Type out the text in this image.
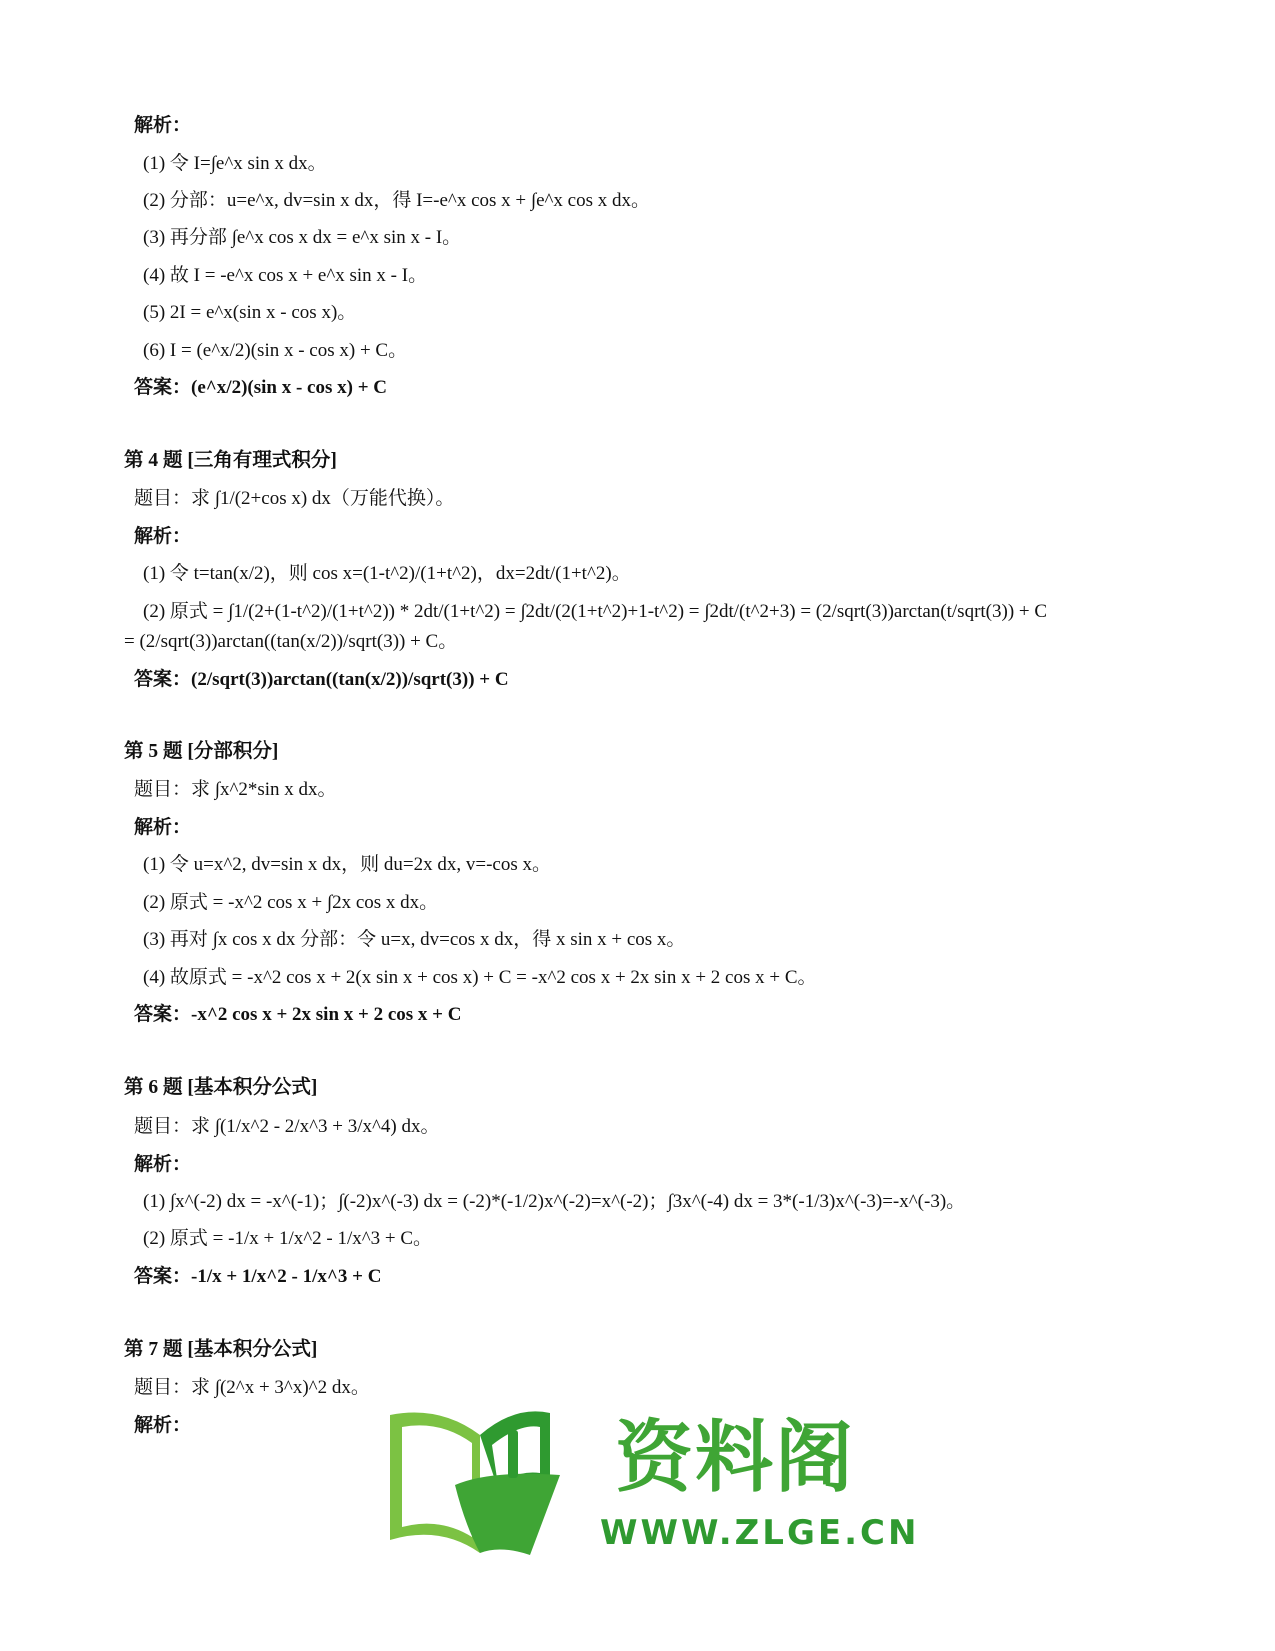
解析：
(1) 令 I=∫e^x sin x dx。
(2) 分部：u=e^x, dv=sin x dx，得 I=-e^x cos x + ∫e^x cos x dx。
(3) 再分部 ∫e^x cos x dx = e^x sin x - I。
(4) 故 I = -e^x cos x + e^x sin x - I。
(5) 2I = e^x(sin x - cos x)。
(6) I = (e^x/2)(sin x - cos x) + C。
答案：(e^x/2)(sin x - cos x) + C
第 4 题 [三角有理式积分]
题目：求 ∫1/(2+cos x) dx（万能代换）。
解析：
(1) 令 t=tan(x/2)，则 cos x=(1-t^2)/(1+t^2)，dx=2dt/(1+t^2)。
(2) 原式 = ∫1/(2+(1-t^2)/(1+t^2)) * 2dt/(1+t^2) = ∫2dt/(2(1+t^2)+1-t^2) = ∫2dt/(t^2+3) = (2/sqrt(3))arctan(t/sqrt(3)) + C
= (2/sqrt(3))arctan((tan(x/2))/sqrt(3)) + C。
答案：(2/sqrt(3))arctan((tan(x/2))/sqrt(3)) + C
第 5 题 [分部积分]
题目：求 ∫x^2*sin x dx。
解析：
(1) 令 u=x^2, dv=sin x dx，则 du=2x dx, v=-cos x。
(2) 原式 = -x^2 cos x + ∫2x cos x dx。
(3) 再对 ∫x cos x dx 分部：令 u=x, dv=cos x dx，得 x sin x + cos x。
(4) 故原式 = -x^2 cos x + 2(x sin x + cos x) + C = -x^2 cos x + 2x sin x + 2 cos x + C。
答案：-x^2 cos x + 2x sin x + 2 cos x + C
第 6 题 [基本积分公式]
题目：求 ∫(1/x^2 - 2/x^3 + 3/x^4) dx。
解析：
(1) ∫x^(-2) dx = -x^(-1)；∫(-2)x^(-3) dx = (-2)*(-1/2)x^(-2)=x^(-2)；∫3x^(-4) dx = 3*(-1/3)x^(-3)=-x^(-3)。
(2) 原式 = -1/x + 1/x^2 - 1/x^3 + C。
答案：-1/x + 1/x^2 - 1/x^3 + C
第 7 题 [基本积分公式]
题目：求 ∫(2^x + 3^x)^2 dx。
解析：	资料阁
WWW.ZLGE.CN
